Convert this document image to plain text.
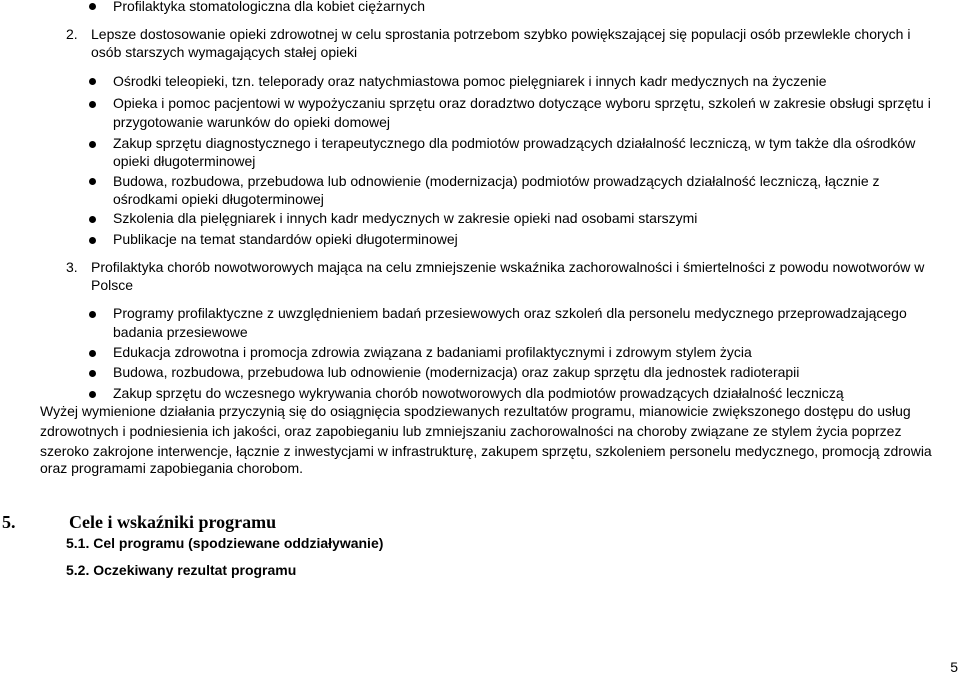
Profilaktyka stomatologiczna dla kobiet ciężarnych
2. Lepsze dostosowanie opieki zdrowotnej w celu sprostania potrzebom szybko powiększającej się populacji osób przewlekle chorych i
osób starszych wymagających stałej opieki
Ośrodki teleopieki, tzn. teleporady oraz natychmiastowa pomoc pielęgniarek i innych kadr medycznych na życzenie
Opieka i pomoc pacjentowi w wypożyczaniu sprzętu oraz doradztwo dotyczące wyboru sprzętu, szkoleń w zakresie obsługi sprzętu i
przygotowanie warunków do opieki domowej
Zakup sprzętu diagnostycznego i terapeutycznego dla podmiotów prowadzących działalność leczniczą, w tym także dla ośrodków
opieki długoterminowej
Budowa, rozbudowa, przebudowa lub odnowienie (modernizacja) podmiotów prowadzących działalność leczniczą, łącznie z
ośrodkami opieki długoterminowej
Szkolenia dla pielęgniarek i innych kadr medycznych w zakresie opieki nad osobami starszymi
Publikacje na temat standardów opieki długoterminowej
3. Profilaktyka chorób nowotworowych mająca na celu zmniejszenie wskaźnika zachorowalności i śmiertelności z powodu nowotworów w
Polsce
Programy profilaktyczne z uwzględnieniem badań przesiewowych oraz szkoleń dla personelu medycznego przeprowadzającego
badania przesiewowe
Edukacja zdrowotna i promocja zdrowia związana z badaniami profilaktycznymi i zdrowym stylem życia
Budowa, rozbudowa, przebudowa lub odnowienie (modernizacja) oraz zakup sprzętu dla jednostek radioterapii
Zakup sprzętu do wczesnego wykrywania chorób nowotworowych dla podmiotów prowadzących działalność leczniczą
Wyżej wymienione działania przyczynią się do osiągnięcia spodziewanych rezultatów programu, mianowicie zwiększonego dostępu do usług
zdrowotnych i podniesienia ich jakości, oraz zapobieganiu lub zmniejszaniu zachorowalności na choroby związane ze stylem życia poprzez
szeroko zakrojone interwencje, łącznie z inwestycjami w infrastrukturę, zakupem sprzętu, szkoleniem personelu medycznego, promocją zdrowia
oraz programami zapobiegania chorobom.
5.	Cele i wskaźniki programu
5.1. Cel programu (spodziewane oddziaływanie)
5.2. Oczekiwany rezultat programu
5
